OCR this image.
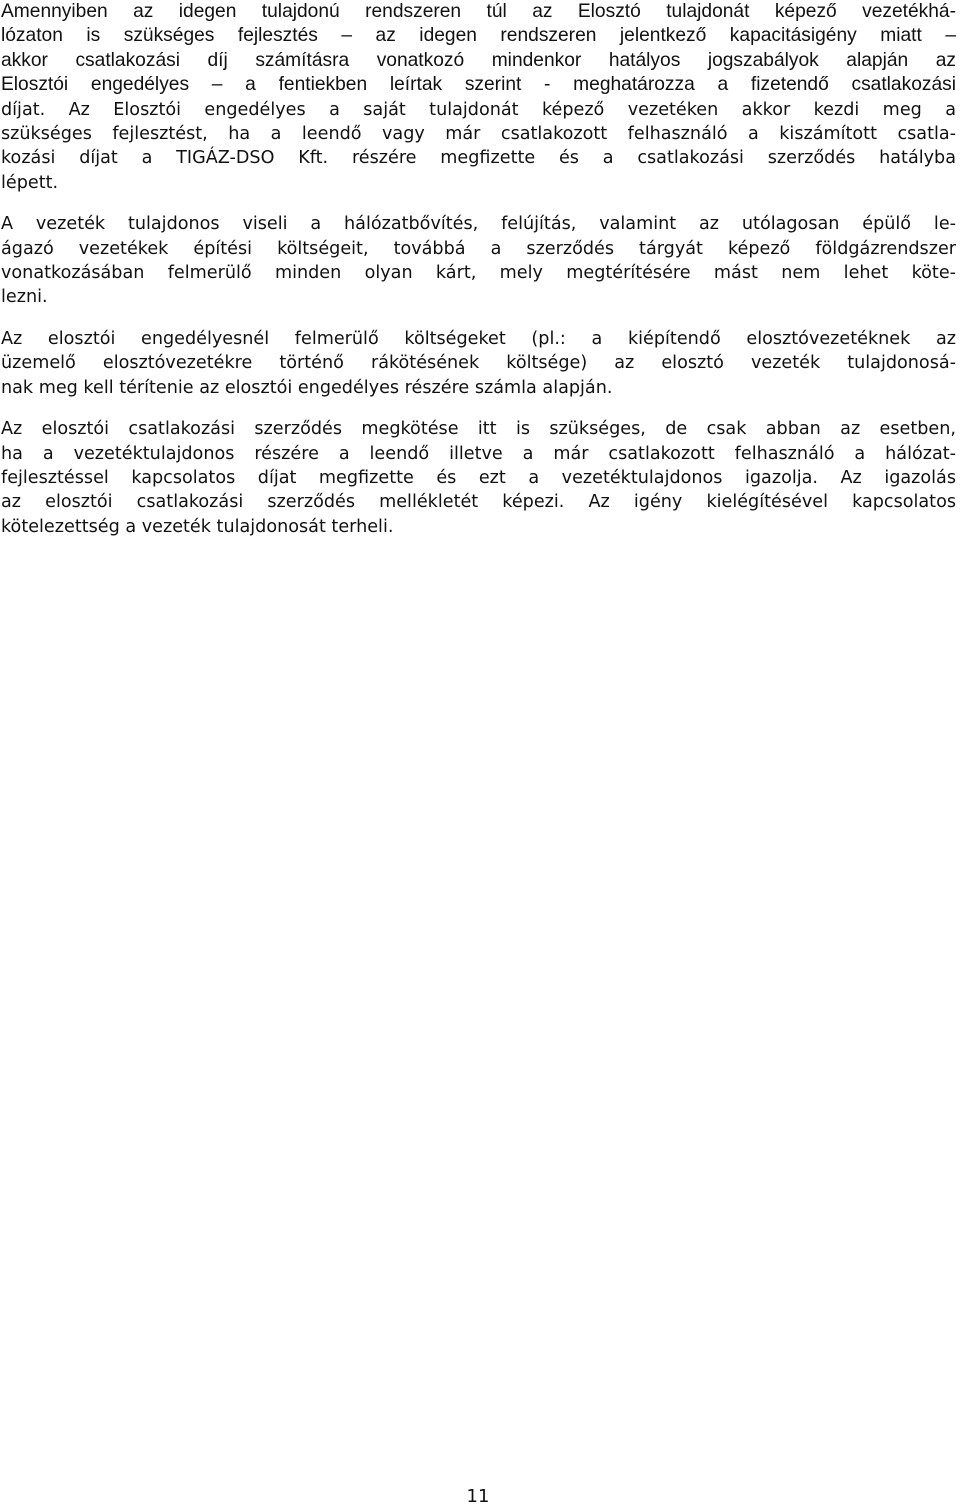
Amennyiben az idegen tulajdonú rendszeren túl az Elosztó tulajdonát képező vezetékhá-
lózaton is szükséges fejlesztés – az idegen rendszeren jelentkező kapacitásigény miatt –
akkor csatlakozási díj számításra vonatkozó mindenkor hatályos jogszabályok alapján az
Elosztói engedélyes – a fentiekben leírtak szerint - meghatározza a fizetendő csatlakozási
díjat. Az Elosztói engedélyes a saját tulajdonát képező vezetéken akkor kezdi meg a
szükséges fejlesztést, ha a leendő vagy már csatlakozott felhasználó a kiszámított csatla-
kozási díjat a TIGÁZ-DSO Kft. részére megfizette és a csatlakozási szerződés hatályba
lépett.
A vezeték tulajdonos viseli a hálózatbővítés, felújítás, valamint az utólagosan épülő le-
ágazó vezetékek építési költségeit, továbbá a szerződés tárgyát képező földgázrendszer
vonatkozásában felmerülő minden olyan kárt, mely megtérítésére mást nem lehet köte-
lezni.
Az elosztói engedélyesnél felmerülő költségeket (pl.: a kiépítendő elosztóvezetéknek az
üzemelő elosztóvezetékre történő rákötésének költsége) az elosztó vezeték tulajdonosá-
nak meg kell térítenie az elosztói engedélyes részére számla alapján.
Az elosztói csatlakozási szerződés megkötése itt is szükséges, de csak abban az esetben,
ha a vezetéktulajdonos részére a leendő illetve a már csatlakozott felhasználó a hálózat-
fejlesztéssel kapcsolatos díjat megfizette és ezt a vezetéktulajdonos igazolja. Az igazolás
az elosztói csatlakozási szerződés mellékletét képezi. Az igény kielégítésével kapcsolatos
kötelezettség a vezeték tulajdonosát terheli.
11
